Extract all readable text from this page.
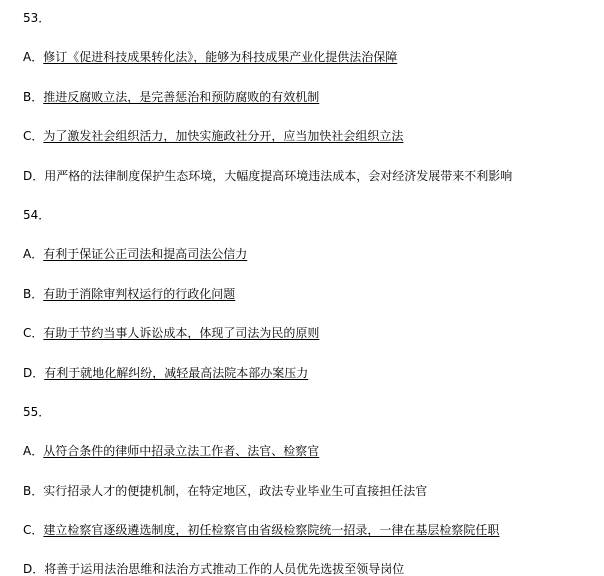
53．
A．修订《促进科技成果转化法》，能够为科技成果产业化提供法治保障
B．推进反腐败立法，是完善惩治和预防腐败的有效机制
C．为了激发社会组织活力，加快实施政社分开，应当加快社会组织立法
D．用严格的法律制度保护生态环境，大幅度提高环境违法成本，会对经济发展带来不利影响
54．
A．有利于保证公正司法和提高司法公信力
B．有助于消除审判权运行的行政化问题
C．有助于节约当事人诉讼成本，体现了司法为民的原则
D．有利于就地化解纠纷，减轻最高法院本部办案压力
55．
A．从符合条件的律师中招录立法工作者、法官、检察官
B．实行招录人才的便捷机制，在特定地区，政法专业毕业生可直接担任法官
C．建立检察官逐级遴选制度，初任检察官由省级检察院统一招录，一律在基层检察院任职
D．将善于运用法治思维和法治方式推动工作的人员优先选拔至领导岗位
